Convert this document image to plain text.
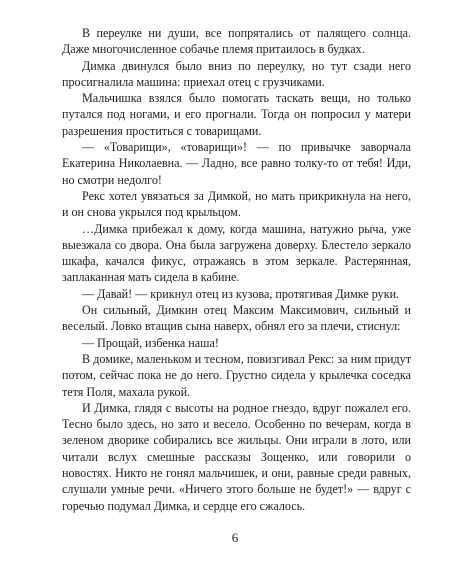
В переулке ни души, все попрятались от палящего солнца. Даже многочисленное собачье племя притаилось в будках.

Димка двинулся было вниз по переулку, но тут сзади него просигналила машина: приехал отец с грузчиками.

Мальчишка взялся было помогать таскать вещи, но только путался под ногами, и его прогнали. Тогда он попросил у матери разрешения проститься с товарищами.

— «Товарищи», «товарищи»! — по привычке заворчала Екатерина Николаевна. — Ладно, все равно толку-то от тебя! Иди, но смотри недолго!

Рекс хотел увязаться за Димкой, но мать прикрикнула на него, и он снова укрылся под крыльцом.

…Димка прибежал к дому, когда машина, натужно рыча, уже выезжала со двора. Она была загружена доверху. Блестело зеркало шкафа, качался фикус, отражаясь в этом зеркале. Растерянная, заплаканная мать сидела в кабине.

— Давай! — крикнул отец из кузова, протягивая Димке руки.

Он сильный, Димкин отец Максим Максимович, сильный и веселый. Ловко втащив сына наверх, обнял его за плечи, стиснул:

— Прощай, избенка наша!

В домике, маленьком и тесном, повизгивал Рекс: за ним придут потом, сейчас пока не до него. Грустно сидела у крылечка соседка тетя Поля, махала рукой.

И Димка, глядя с высоты на родное гнездо, вдруг пожалел его. Тесно было здесь, но зато и весело. Особенно по вечерам, когда в зеленом дворике собирались все жильцы. Они играли в лото, или читали вслух смешные рассказы Зощенко, или говорили о новостях. Никто не гонял мальчишек, и они, равные среди равных, слушали умные речи. «Ничего этого больше не будет!» — вдруг с горечью подумал Димка, и сердце его сжалось.

6
